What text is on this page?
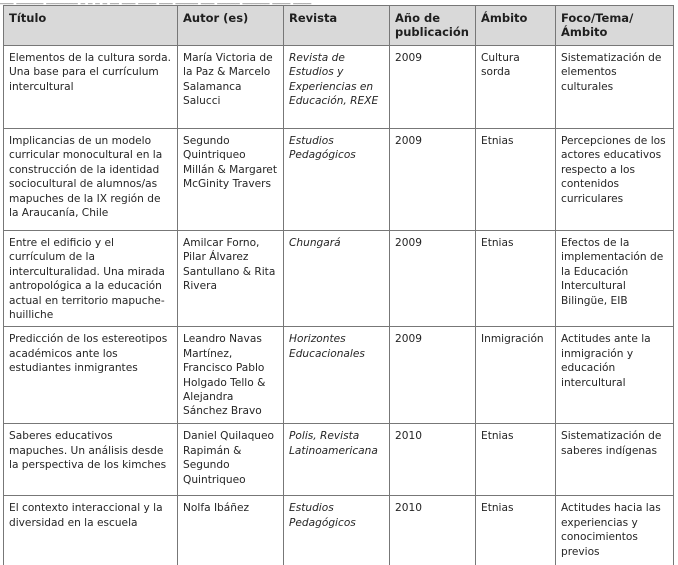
___ ______ _______ _ _ _ _ __ ___ ____ ___ _____ ___ _____ ______ ____ ____
Título	Autor (es)	Revista	Año de publicación	Ámbito	Foco/Tema/ Ámbito
Elementos de la cultura sorda. Una base para el currículum intercultural	María Victoria de la Paz & Marcelo Salamanca Salucci	Revista de Estudios y Experiencias en Educación, REXE	2009	Cultura sorda	Sistematización de elementos culturales
Implicancias de un modelo curricular monocultural en la construcción de la identidad sociocultural de alumnos/as mapuches de la IX región de la Araucanía, Chile	Segundo Quintriqueo Millán & Margaret McGinity Travers	Estudios Pedagógicos	2009	Etnias	Percepciones de los actores educativos respecto a los contenidos curriculares
Entre el edificio y el currículum de la interculturalidad. Una mirada antropológica a la educación actual en territorio mapuche-huilliche	Amilcar Forno, Pilar Álvarez Santullano & Rita Rivera	Chungará	2009	Etnias	Efectos de la implementación de la Educación Intercultural Bilingüe, EIB
Predicción de los estereotipos académicos ante los estudiantes inmigrantes	Leandro Navas Martínez, Francisco Pablo Holgado Tello & Alejandra Sánchez Bravo	Horizontes Educacionales	2009	Inmigración	Actitudes ante la inmigración y educación intercultural
Saberes educativos mapuches. Un análisis desde la perspectiva de los kimches	Daniel Quilaqueo Rapimán & Segundo Quintriqueo	Polis, Revista Latinoamericana	2010	Etnias	Sistematización de saberes indígenas
El contexto interaccional y la diversidad en la escuela	Nolfa Ibáñez	Estudios Pedagógicos	2010	Etnias	Actitudes hacia las experiencias y conocimientos previos
